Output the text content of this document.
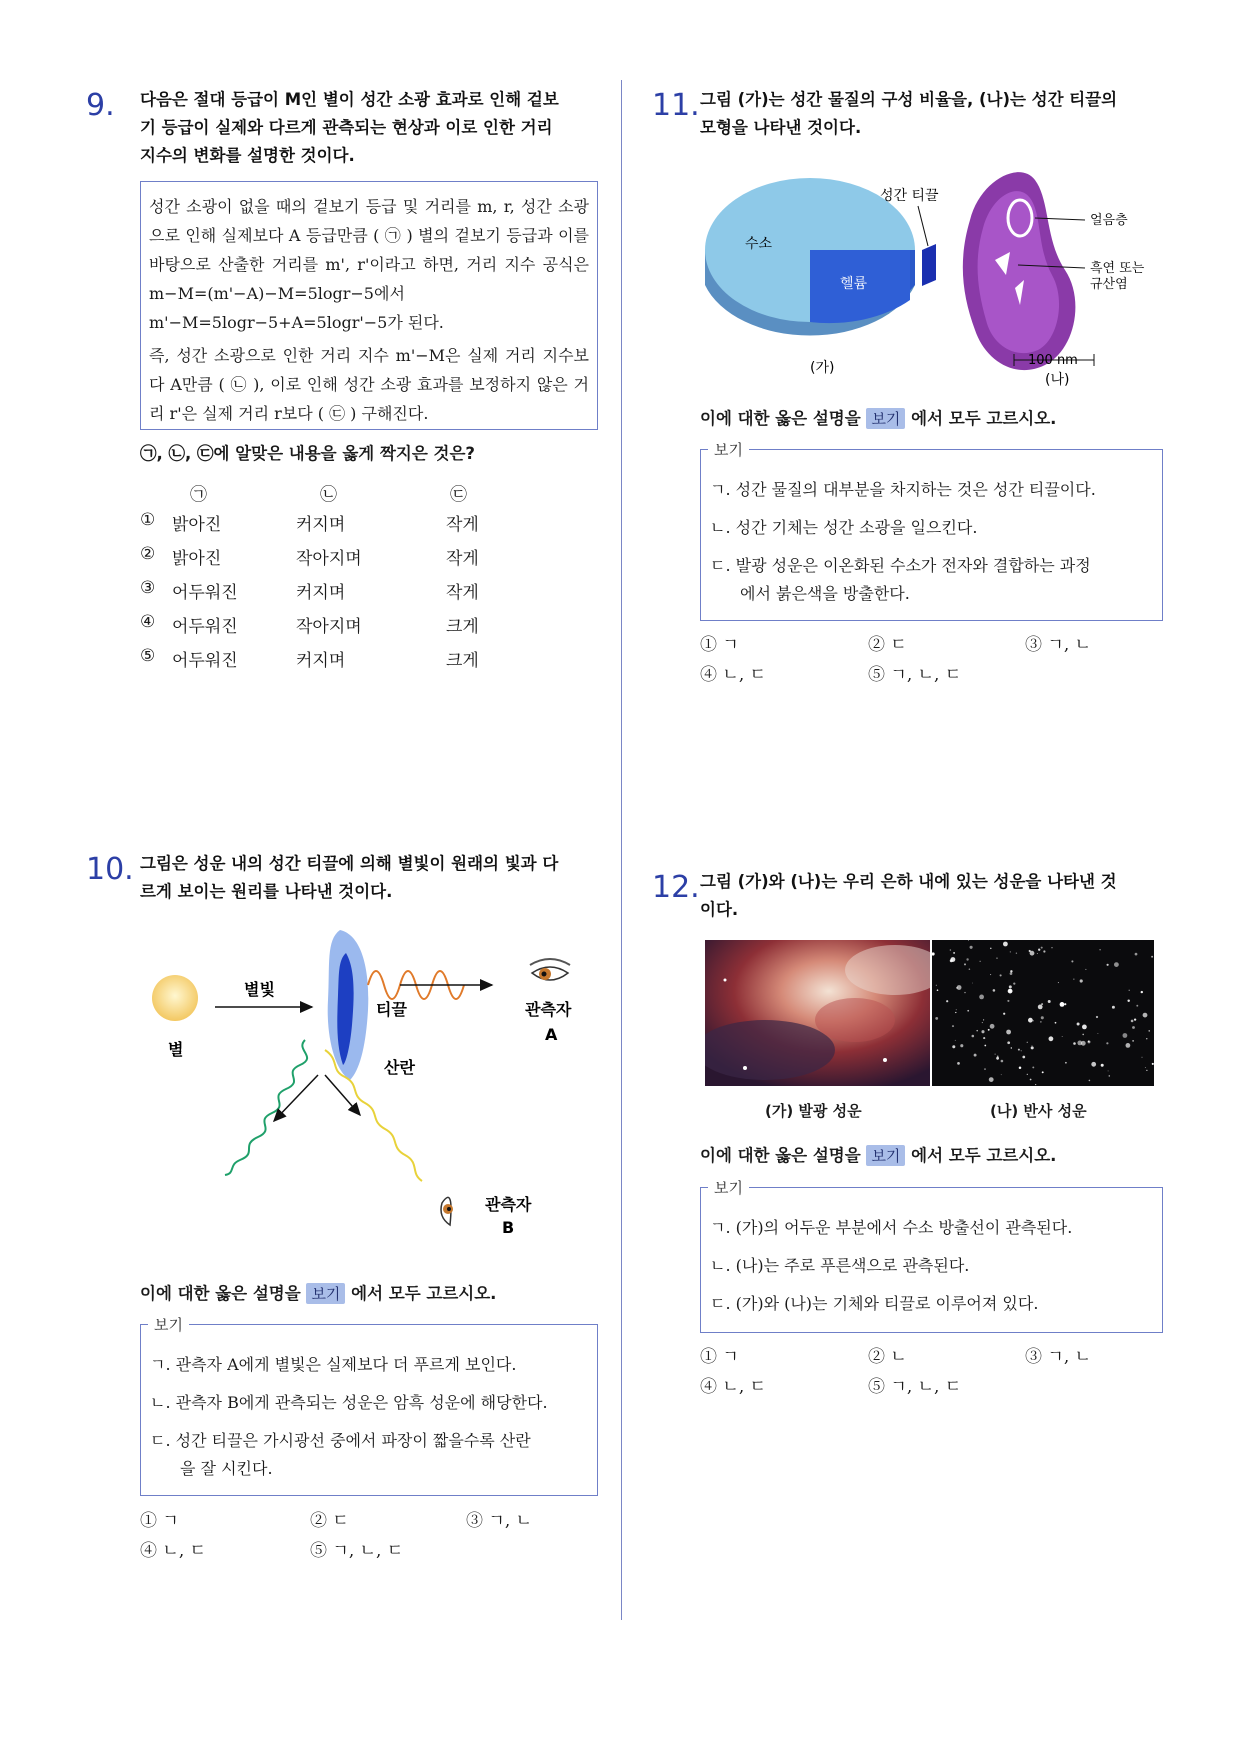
9. 다음은 절대 등급이 M인 별이 성간 소광 효과로 인해 겉보
기 등급이 실제와 다르게 관측되는 현상과 이로 인한 거리
지수의 변화를 설명한 것이다.

성간 소광이 없을 때의 겉보기 등급 및 거리를 m, r, 성간 소광으로 인해 실제보다 A 등급만큼 ( ㉠ ) 별의 겉보기 등급과 이를 바탕으로 산출한 거리를 m', r'이라고 하면, 거리 지수 공식은 m−M=(m'−A)−M=5logr−5에서 m'−M=5logr−5+A=5logr'−5가 된다.

즉, 성간 소광으로 인한 거리 지수 m'−M은 실제 거리 지수보다 A만큼 ( ㉡ ), 이로 인해 성간 소광 효과를 보정하지 않은 거리 r'은 실제 거리 r보다 ( ㉢ ) 구해진다.

㉠, ㉡, ㉢에 알맞은 내용을 옳게 짝지은 것은?
㉠	㉡	㉢
① 밝아진	커지며	작게
② 밝아진	작아지며	작게
③ 어두워진	커지며	작게
④ 어두워진	작아지며	크게
⑤ 어두워진	커지며	크게
10. 그림은 성운 내의 성간 티끌에 의해 별빛이 원래의 빛과 다
르게 보이는 원리를 나타낸 것이다.
별
별빛
티끌	관측자
A
산란
관측자
B
이에 대한 옳은 설명을 보기 에서 모두 고르시오.
보기
ㄱ. 관측자 A에게 별빛은 실제보다 더 푸르게 보인다.
ㄴ. 관측자 B에게 관측되는 성운은 암흑 성운에 해당한다.
ㄷ. 성간 티끌은 가시광선 중에서 파장이 짧을수록 산란
을 잘 시킨다.
① ㄱ	② ㄷ	③ ㄱ, ㄴ
④ ㄴ, ㄷ	⑤ ㄱ, ㄴ, ㄷ
11. 그림 (가)는 성간 물질의 구성 비율을, (나)는 성간 티끌의
모형을 나타낸 것이다.
수소
헬륨
성간 티끌
(가)
얼음층
흑연 또는
규산염
100 nm
(나)
이에 대한 옳은 설명을 보기 에서 모두 고르시오.
보기
ㄱ. 성간 물질의 대부분을 차지하는 것은 성간 티끌이다.
ㄴ. 성간 기체는 성간 소광을 일으킨다.
ㄷ. 발광 성운은 이온화된 수소가 전자와 결합하는 과정
에서 붉은색을 방출한다.
① ㄱ	② ㄷ	③ ㄱ, ㄴ
④ ㄴ, ㄷ	⑤ ㄱ, ㄴ, ㄷ
12. 그림 (가)와 (나)는 우리 은하 내에 있는 성운을 나타낸 것
이다.
(가) 발광 성운	(나) 반사 성운
이에 대한 옳은 설명을 보기 에서 모두 고르시오.
보기
ㄱ. (가)의 어두운 부분에서 수소 방출선이 관측된다.
ㄴ. (나)는 주로 푸른색으로 관측된다.
ㄷ. (가)와 (나)는 기체와 티끌로 이루어져 있다.
① ㄱ	② ㄴ	③ ㄱ, ㄴ
④ ㄴ, ㄷ	⑤ ㄱ, ㄴ, ㄷ
